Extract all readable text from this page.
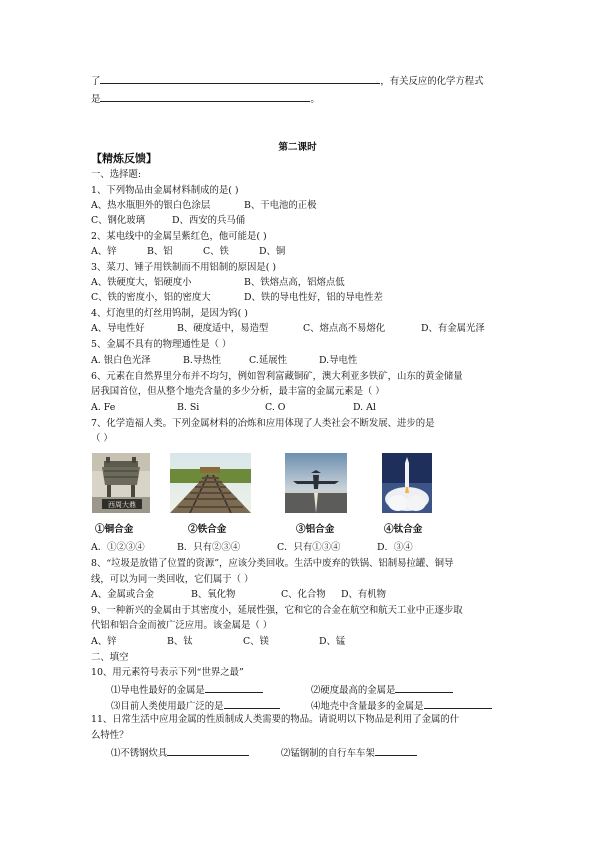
了	，有关反应的化学方程式
是	。
第二课时
【精炼反馈】
一、选择题:
1、下列物品由金属材料制成的是( )
A、热水瓶胆外的银白色涂层	B、干电池的正极
C、钢化玻璃	D、西安的兵马俑
2、某电线中的金属呈紫红色，他可能是( )
A、锌	B、铝	C、铁	D、铜
3、菜刀、锤子用铁制而不用铝制的原因是( )
A、铁硬度大，铝硬度小	B、铁熔点高，铝熔点低
C、铁的密度小，铝的密度大	D、铁的导电性好，铝的导电性差
4、灯泡里的灯丝用钨制，是因为钨( )
A、导电性好	B、硬度适中，易造型	C、熔点高不易熔化	D、有金属光泽
5、金属不具有的物理通性是（ ）
A. 银白色光泽	B.导热性	C.延展性	D.导电性
6、元素在自然界里分布并不均匀，例如智利富藏铜矿，澳大利亚多铁矿，山东的黄金储量
居我国首位，但从整个地壳含量的多少分析，最丰富的金属元素是（ ）
A. Fe	B. Si	C. O	D. Al
7、化学造福人类。下列金属材料的冶炼和应用体现了人类社会不断发展、进步的是
（ ）
西周大鼎
①铜合金	②铁合金	③铝合金	④钛合金
A．①②③④	B．只有②③④	C．只有①③④	D．③④
8、“垃圾是放错了位置的资源”，应该分类回收。生活中废弃的铁锅、铝制易拉罐、铜导
线，可以为同一类回收，它们属于（ ）
A、金属或合金	B、氧化物	C、化合物 D、有机物
9、一种新兴的金属由于其密度小，延展性强，它和它的合金在航空和航天工业中正逐步取
代铝和铝合金而被广泛应用。该金属是（ ）
A、锌	B、钛	C、镁	D、锰
二、填空
10、用元素符号表示下列“世界之最”
⑴导电性最好的金属是	⑵硬度最高的金属是
⑶目前人类使用最广泛的是	⑷地壳中含量最多的金属是
11、日常生活中应用金属的性质制成人类需要的物品。请说明以下物品是利用了金属的什
么特性？
⑴不锈钢炊具	⑵锰钢制的自行车车架
